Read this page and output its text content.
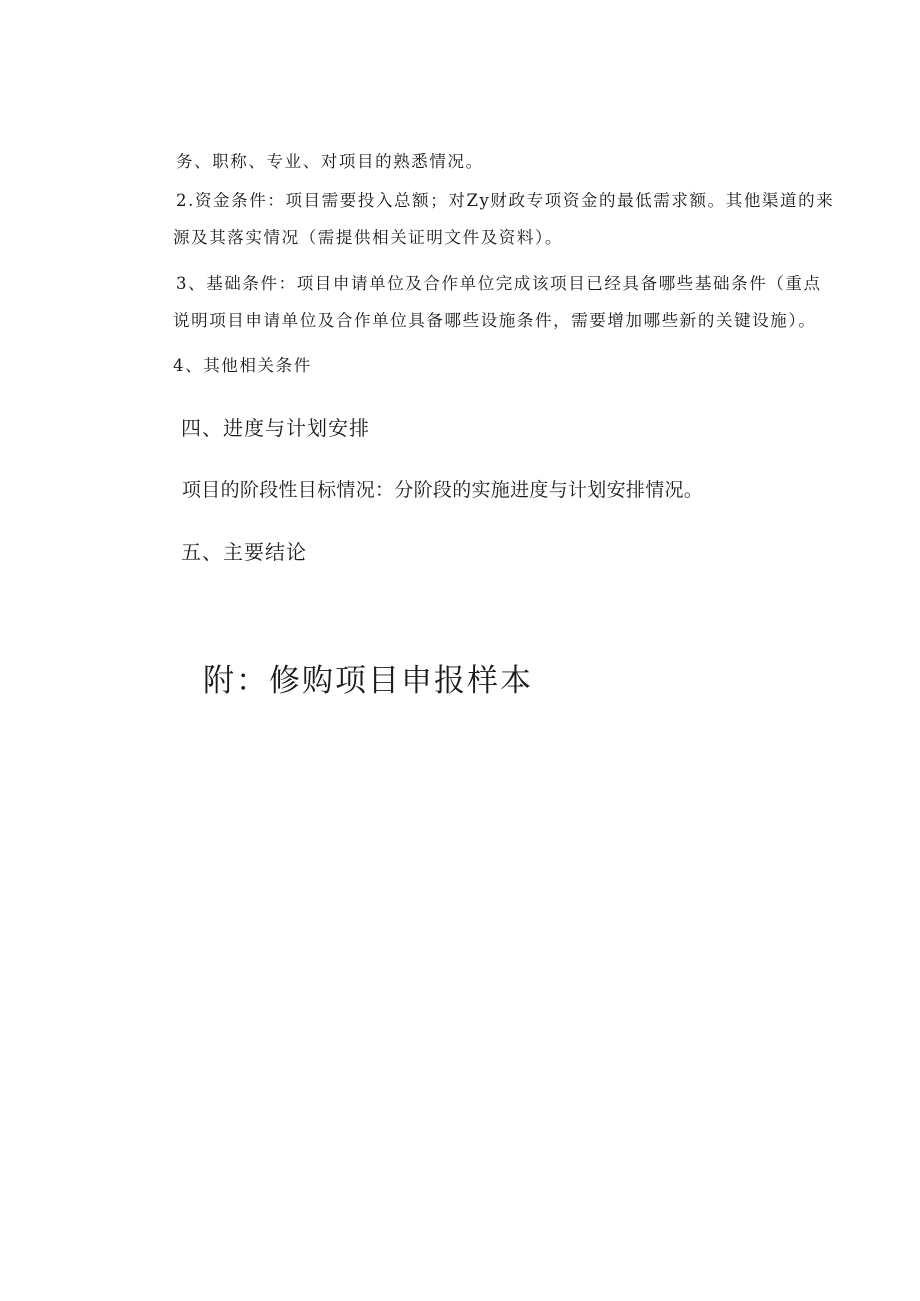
务、职称、专业、对项目的熟悉情况。
2.资金条件：项目需要投入总额；对Zy财政专项资金的最低需求额。其他渠道的来
源及其落实情况（需提供相关证明文件及资料）。
3、基础条件：项目申请单位及合作单位完成该项目已经具备哪些基础条件（重点
说明项目申请单位及合作单位具备哪些设施条件，需要增加哪些新的关键设施）。
4、其他相关条件
四、进度与计划安排
项目的阶段性目标情况：分阶段的实施进度与计划安排情况。
五、主要结论
附：修购项目申报样本
